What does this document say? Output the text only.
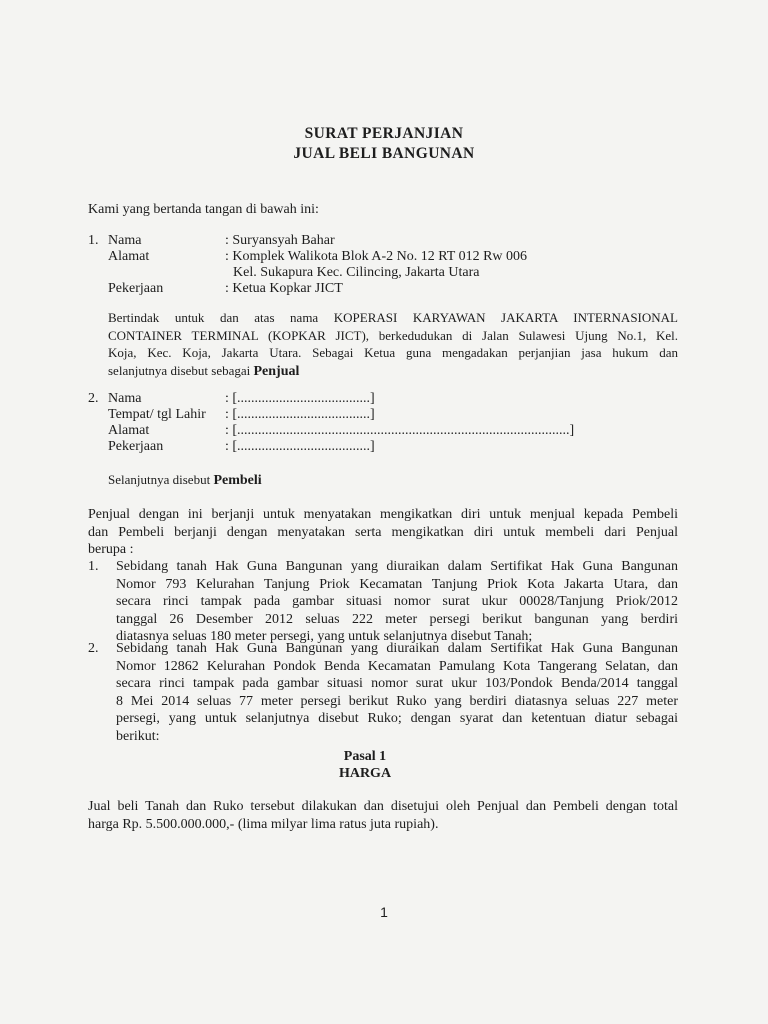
SURAT PERJANJIAN
JUAL BELI BANGUNAN
Kami yang bertanda tangan di bawah ini:
1. Nama	: Suryansyah Bahar
Alamat	: Komplek Walikota Blok A-2 No. 12 RT 012 Rw 006
Kel. Sukapura Kec. Cilincing, Jakarta Utara
Pekerjaan	: Ketua Kopkar JICT
Bertindak untuk dan atas nama KOPERASI KARYAWAN JAKARTA INTERNASIONAL
CONTAINER TERMINAL (KOPKAR JICT), berkedudukan di Jalan Sulawesi Ujung No.1, Kel.
Koja, Kec. Koja, Jakarta Utara. Sebagai Ketua guna mengadakan perjanjian jasa hukum dan
selanjutnya disebut sebagai Penjual
2. Nama	: [......................................]
Tempat/ tgl Lahir : [......................................]
Alamat	: [...............................................................................................]
Pekerjaan	: [......................................]
Selanjutnya disebut Pembeli
Penjual dengan ini berjanji untuk menyatakan mengikatkan diri untuk menjual kepada Pembeli
dan Pembeli berjanji dengan menyatakan serta mengikatkan diri untuk membeli dari Penjual
berupa :
1. Sebidang tanah Hak Guna Bangunan yang diuraikan dalam Sertifikat Hak Guna Bangunan
Nomor 793 Kelurahan Tanjung Priok Kecamatan Tanjung Priok Kota Jakarta Utara, dan
secara rinci tampak pada gambar situasi nomor surat ukur 00028/Tanjung Priok/2012
tanggal 26 Desember 2012 seluas 222 meter persegi berikut bangunan yang berdiri
diatasnya seluas 180 meter persegi, yang untuk selanjutnya disebut Tanah;
2. Sebidang tanah Hak Guna Bangunan yang diuraikan dalam Sertifikat Hak Guna Bangunan
Nomor 12862 Kelurahan Pondok Benda Kecamatan Pamulang Kota Tangerang Selatan, dan
secara rinci tampak pada gambar situasi nomor surat ukur 103/Pondok Benda/2014 tanggal
8 Mei 2014 seluas 77 meter persegi berikut Ruko yang berdiri diatasnya seluas 227 meter
persegi, yang untuk selanjutnya disebut Ruko; dengan syarat dan ketentuan diatur sebagai
berikut:
Pasal 1
HARGA
Jual beli Tanah dan Ruko tersebut dilakukan dan disetujui oleh Penjual dan Pembeli dengan total
harga Rp. 5.500.000.000,- (lima milyar lima ratus juta rupiah).
1
